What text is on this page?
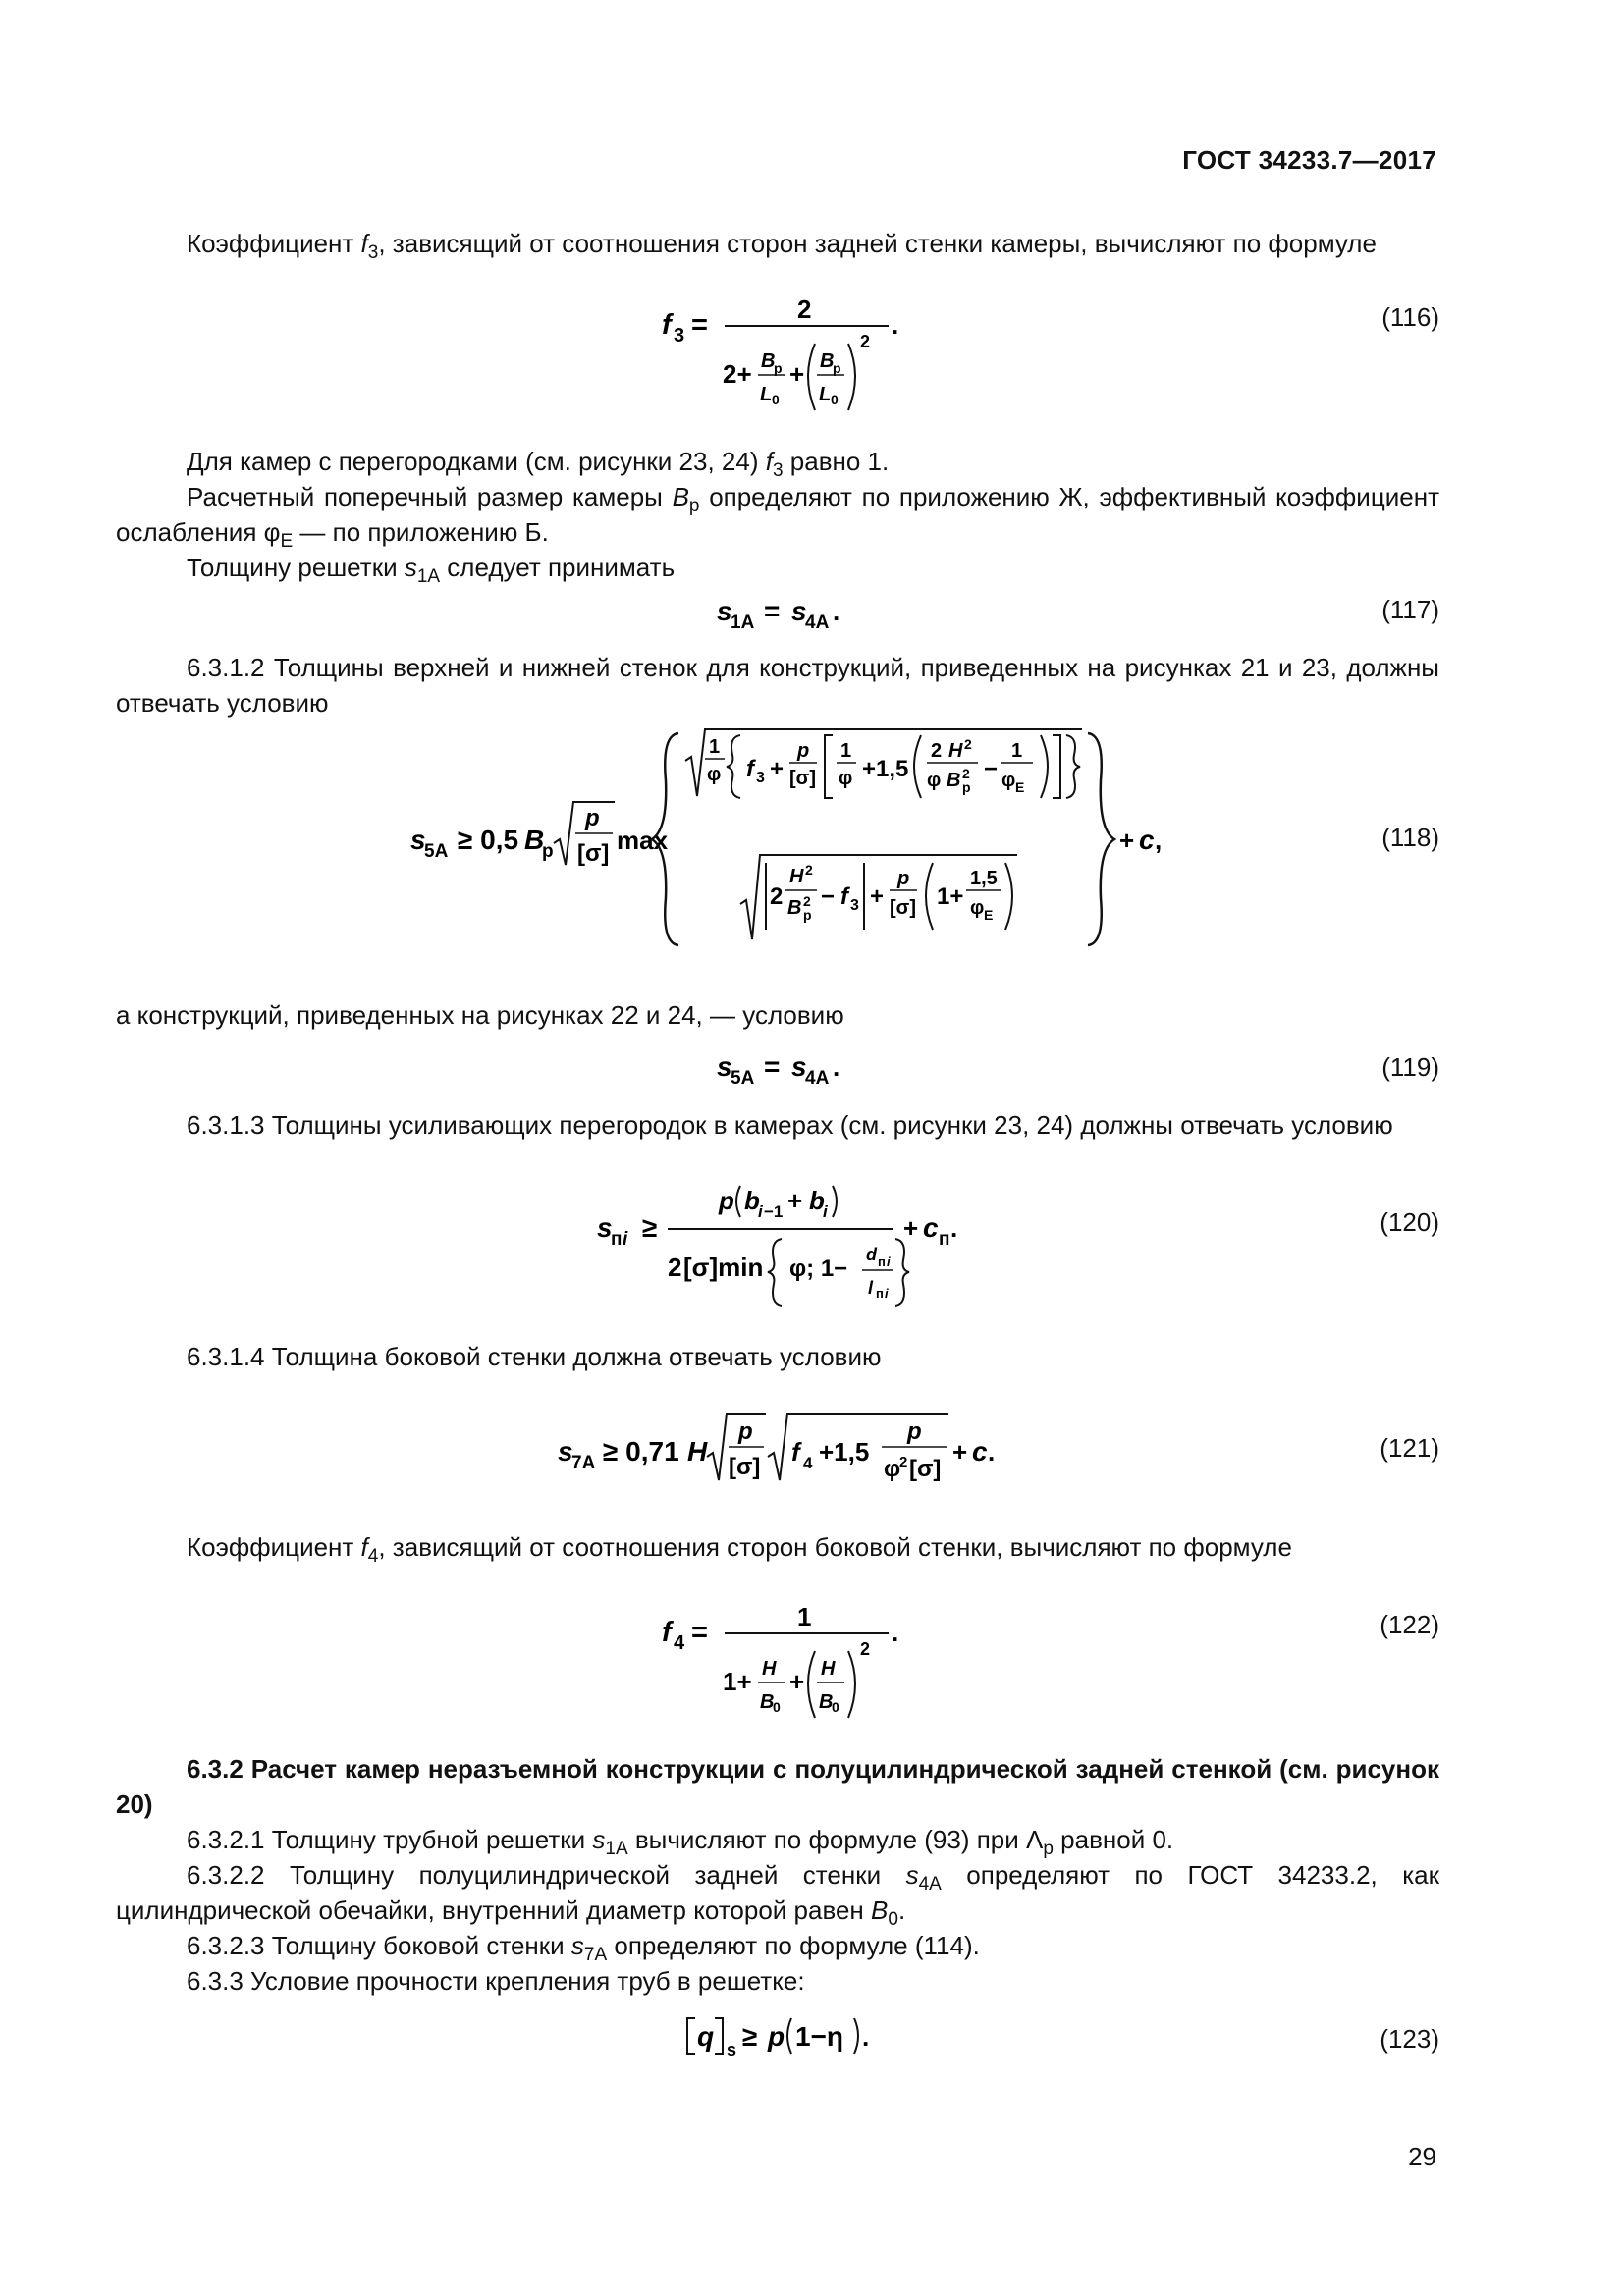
ГОСТ 34233.7—2017
Коэффициент $f_3$, зависящий от соотношения сторон задней стенки камеры, вычисляют по формуле
f 3 =	2
2+ B
р
L 0
+ B
р
L 0
2
.	(116)
Для камер с перегородками (см. рисунки 23, 24) $f_3$ равно 1.
Расчетный поперечный размер камеры $B_р$ определяют по приложению Ж, эффективный коэффициент ослабления $\varphi_E$ — по приложению Б.
Толщину решетки $s_{1A}$ следует принимать
s
1A = s
4A .	(117)
6.3.1.2 Толщины верхней и нижней стенок для конструкций, приведенных на рисунках 21 и 23, должны отвечать условию
s
5A ≥ 0,5 B
р
p
[σ] max
1
φ f 3 +
p
[σ]
1
φ +1,5
2 H 2
φ B 2
р
−
1
φ E
2
H 2
B 2
р
− f 3 +
p
[σ] 1+
1,5
φ E
+ c ,	(118)
а конструкций, приведенных на рисунках 22 и 24, — условию
s
5A = s
4A .	(119)
6.3.1.3 Толщины усиливающих перегородок в камерах (см. рисунки 23, 24) должны отвечать условию
s
п i ≥
p b
i −1 + b
i
2 [σ]min φ; 1−
d п i
l п i
+ c п .	(120)
6.3.1.4 Толщина боковой стенки должна отвечать условию
s
7A ≥ 0,71 H
p
[σ]
f 4 +1,5
p
φ
2 [σ]
+ c .	(121)
Коэффициент $f_4$, зависящий от соотношения сторон боковой стенки, вычисляют по формуле
f 4 =	1
1+ H
B
0
+ H
B
0
2
.	(122)
6.3.2 Расчет камер неразъемной конструкции с полуцилиндрической задней стенкой (см. рисунок 20)
6.3.2.1 Толщину трубной решетки $s_{1A}$ вычисляют по формуле (93) при $\Lambda_р$ равной 0.
6.3.2.2 Толщину полуцилиндрической задней стенки $s_{4A}$ определяют по ГОСТ 34233.2, как цилиндрической обечайки, внутренний диаметр которой равен $B_0$.
6.3.2.3 Толщину боковой стенки $s_{7A}$ определяют по формуле (114).
6.3.3 Условие прочности крепления труб в решетке:
q s ≥ p 1−η .	(123)
29
